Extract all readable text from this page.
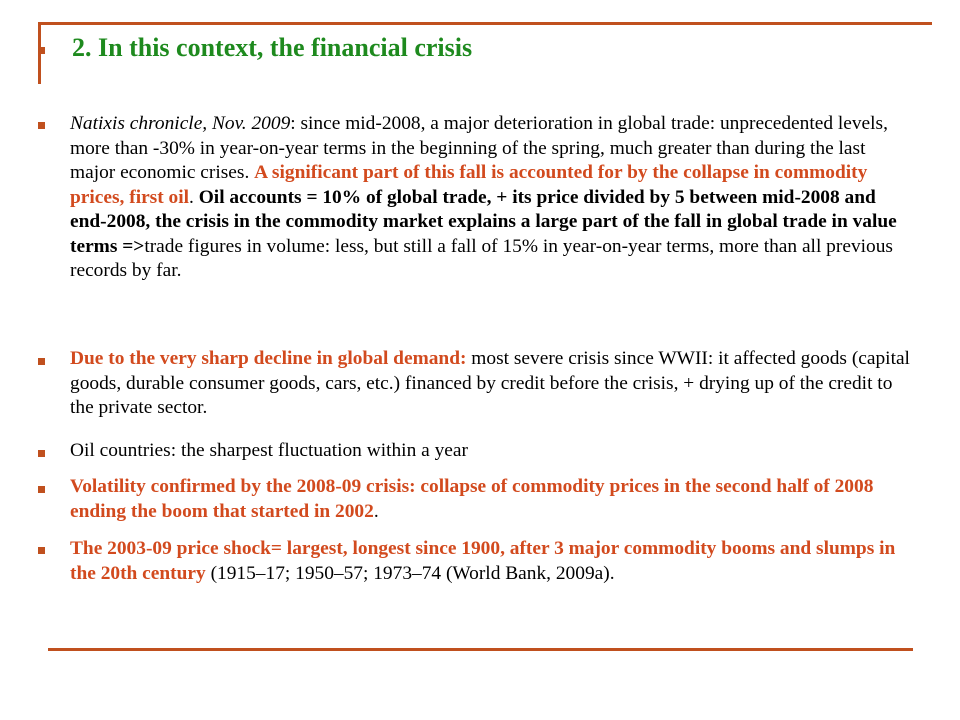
2. In this context, the financial crisis
Natixis chronicle, Nov. 2009: since mid-2008, a major deterioration in global trade: unprecedented levels, more than -30% in year-on-year terms in the beginning of the spring, much greater than during the last major economic crises. A significant part of this fall is accounted for by the collapse in commodity prices, first oil. Oil accounts = 10% of global trade, + its price divided by 5 between mid-2008 and end-2008, the crisis in the commodity market explains a large part of the fall in global trade in value terms =>trade figures in volume: less, but still a fall of 15% in year-on-year terms, more than all previous records by far.
Due to the very sharp decline in global demand: most severe crisis since WWII: it affected goods (capital goods, durable consumer goods, cars, etc.) financed by credit before the crisis, + drying up of the credit to the private sector.
Oil countries: the sharpest fluctuation within a year
Volatility confirmed by the 2008-09 crisis: collapse of commodity prices in the second half of 2008 ending the boom that started in 2002.
The 2003-09 price shock= largest, longest since 1900, after 3 major commodity booms and slumps in the 20th century (1915–17; 1950–57; 1973–74 (World Bank, 2009a).
